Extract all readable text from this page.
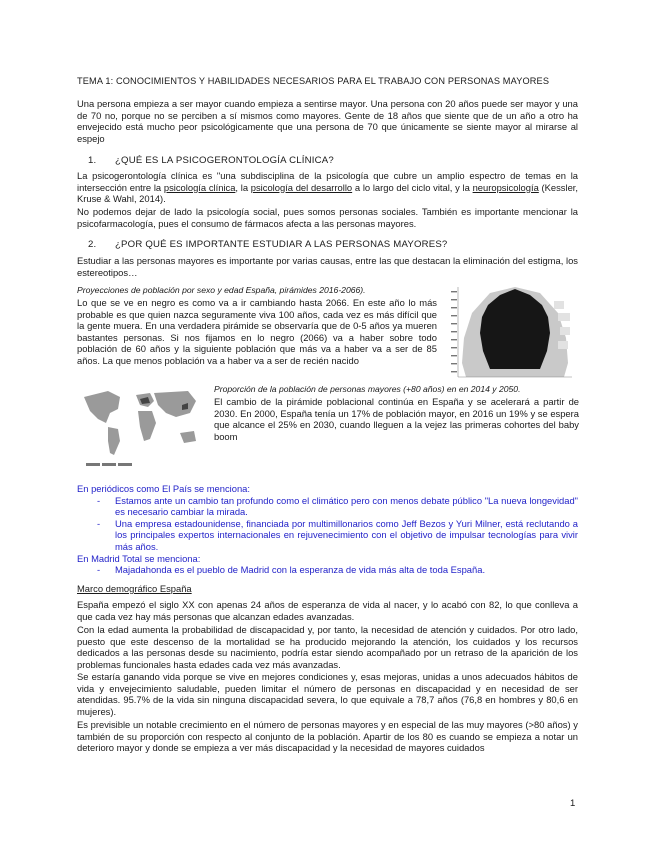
TEMA 1: CONOCIMIENTOS Y HABILIDADES NECESARIOS PARA EL TRABAJO CON PERSONAS MAYORES

Una persona empieza a ser mayor cuando empieza a sentirse mayor. Una persona con 20 años puede ser mayor y una de 70 no, porque no se perciben a sí mismos como mayores. Gente de 18 años que siente que de un año a otro ha envejecido está mucho peor psicológicamente que una persona de 70 que únicamente se siente mayor al mirarse al espejo

1. ¿QUÉ ES LA PSICOGERONTOLOGÍA CLÍNICA?

La psicogerontología clínica es "una subdisciplina de la psicología que cubre un amplio espectro de temas en la intersección entre la psicología clínica, la psicología del desarrollo a lo largo del ciclo vital, y la neuropsicología (Kessler, Kruse & Wahl, 2014).

No podemos dejar de lado la psicología social, pues somos personas sociales. También es importante mencionar la psicofarmacología, pues el consumo de fármacos afecta a las personas mayores.

2. ¿POR QUÉ ES IMPORTANTE ESTUDIAR A LAS PERSONAS MAYORES?

Estudiar a las personas mayores es importante por varias causas, entre las que destacan la eliminación del estigma, los estereotipos…

Proyecciones de población por sexo y edad España, pirámides 2016-2066).

Lo que se ve en negro es como va a ir cambiando hasta 2066. En este año lo más probable es que quien nazca seguramente viva 100 años, cada vez es más difícil que la gente muera. En una verdadera pirámide se observaría que de 0-5 años ya mueren bastantes personas. Si nos fijamos en lo negro (2066) va a haber sobre todo población de 60 años y la siguiente población que más va a haber va a ser de 85 años. La que menos población va a haber va a ser de recién nacido

Proporción de la población de personas mayores (+80 años) en en 2014 y 2050.

El cambio de la pirámide poblacional continúa en España y se acelerará a partir de 2030. En 2000, España tenía un 17% de población mayor, en 2016 un 19% y se espera que alcance el 25% en 2030, cuando lleguen a la vejez las primeras cohortes del baby boom

En periódicos como El País se menciona:
- Estamos ante un cambio tan profundo como el climático pero con menos debate público "La nueva longevidad" es necesario cambiar la mirada.
- Una empresa estadounidense, financiada por multimillonarios como Jeff Bezos y Yuri Milner, está reclutando a los principales expertos internacionales en rejuvenecimiento con el objetivo de impulsar tecnologías para vivir más años.
En Madrid Total se menciona:
- Majadahonda es el pueblo de Madrid con la esperanza de vida más alta de toda España.
Marco demográfico España

España empezó el siglo XX con apenas 24 años de esperanza de vida al nacer, y lo acabó con 82, lo que conlleva a que cada vez hay más personas que alcanzan edades avanzadas.

Con la edad aumenta la probabilidad de discapacidad y, por tanto, la necesidad de atención y cuidados. Por otro lado, puesto que este descenso de la mortalidad se ha producido mejorando la atención, los cuidados y los recursos dedicados a las personas desde su nacimiento, podría estar siendo acompañado por un retraso de la aparición de los problemas funcionales hasta edades cada vez más avanzadas.

Se estaría ganando vida porque se vive en mejores condiciones y, esas mejoras, unidas a unos adecuados hábitos de vida y envejecimiento saludable, pueden limitar el número de personas en discapacidad y en necesidad de ser atendidas. 95.7% de la vida sin ninguna discapacidad severa, lo que equivale a 78,7 años (76,8 en hombres y 80,6 en mujeres).

Es previsible un notable crecimiento en el número de personas mayores y en especial de las muy mayores (>80 años) y también de su proporción con respecto al conjunto de la población. Apartir de los 80 es cuando se empieza a notar un deterioro mayor y donde se empieza a ver más discapacidad y la necesidad de mayores cuidados

1
